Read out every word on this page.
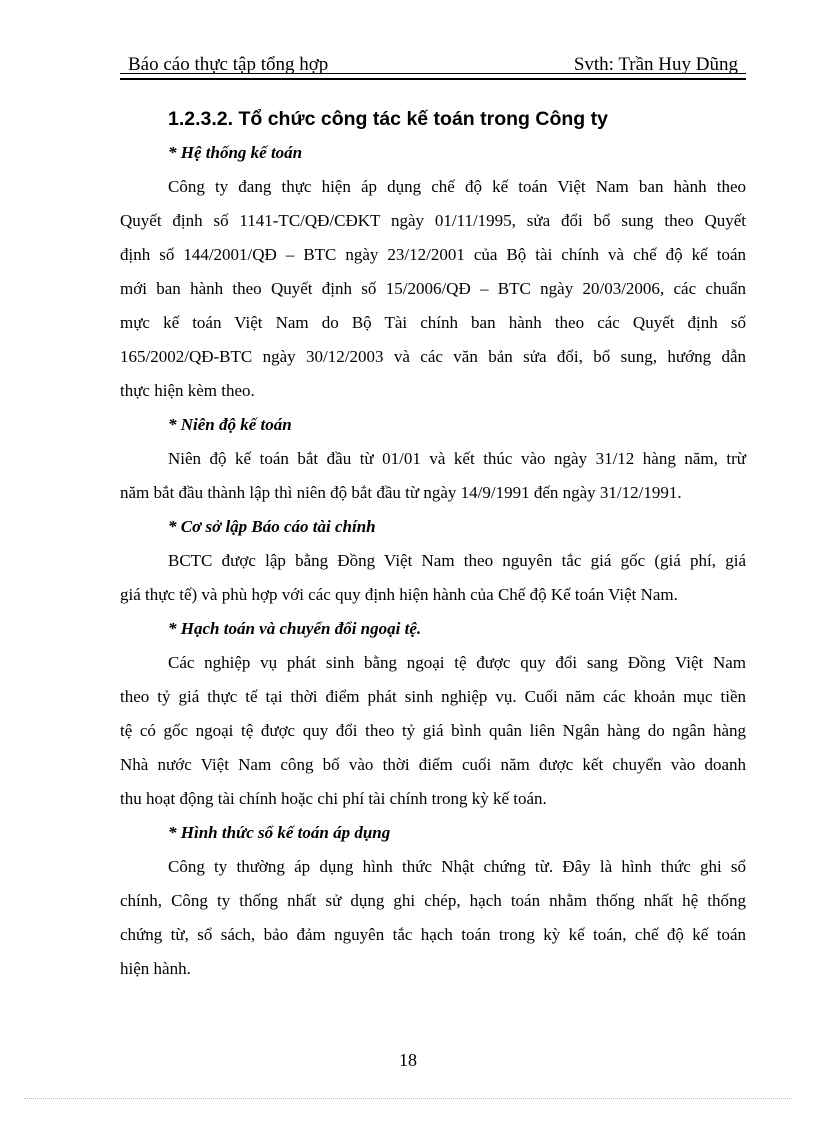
Báo cáo thực tập tổng hợp	Svth: Trần Huy Dũng
1.2.3.2. Tổ chức công tác kế toán trong Công ty
* Hệ thống kế toán
Công ty đang thực hiện áp dụng chế độ kế toán Việt Nam ban hành theo
Quyết định số 1141-TC/QĐ/CĐKT ngày 01/11/1995, sửa đổi bổ sung theo Quyết
định số 144/2001/QĐ – BTC ngày 23/12/2001 của Bộ tài chính và chế độ kế toán
mới ban hành theo Quyết định số 15/2006/QĐ – BTC ngày 20/03/2006, các chuẩn
mực kế toán Việt Nam do Bộ Tài chính ban hành theo các Quyết định số
165/2002/QĐ-BTC ngày 30/12/2003 và các văn bản sửa đổi, bổ sung, hướng dẫn
thực hiện kèm theo.
* Niên độ kế toán
Niên độ kế toán bắt đầu từ 01/01 và kết thúc vào ngày 31/12 hàng năm, trừ
năm bắt đầu thành lập thì niên độ bắt đầu từ ngày 14/9/1991 đến ngày 31/12/1991.
* Cơ sở lập Báo cáo tài chính
BCTC được lập bằng Đồng Việt Nam theo nguyên tắc giá gốc (giá phí, giá
giá thực tế) và phù hợp với các quy định hiện hành của Chế độ Kế toán Việt Nam.
* Hạch toán và chuyển đổi ngoại tệ.
Các nghiệp vụ phát sinh bằng ngoại tệ được quy đổi sang Đồng Việt Nam
theo tỷ giá thực tế tại thời điểm phát sinh nghiệp vụ. Cuối năm các khoản mục tiền
tệ có gốc ngoại tệ được quy đổi theo tỷ giá bình quân liên Ngân hàng do ngân hàng
Nhà nước Việt Nam công bố vào thời điểm cuối năm được kết chuyển vào doanh
thu hoạt động tài chính hoặc chi phí tài chính trong kỳ kế toán.
* Hình thức sổ kế toán áp dụng
Công ty thường áp dụng hình thức Nhật chứng từ. Đây là hình thức ghi sổ
chính, Công ty thống nhất sử dụng ghi chép, hạch toán nhằm thống nhất hệ thống
chứng từ, sổ sách, bảo đảm nguyên tắc hạch toán trong kỳ kế toán, chế độ kế toán
hiện hành.
18
